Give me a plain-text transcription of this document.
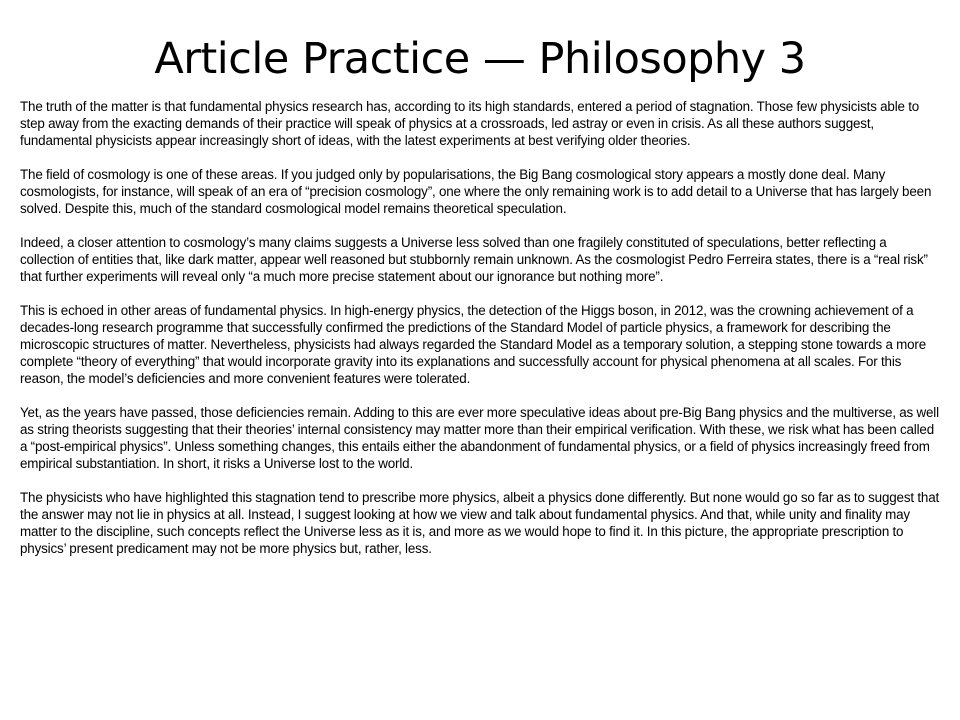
Article Practice — Philosophy 3

The truth of the matter is that fundamental physics research has, according to its high standards, entered a period of stagnation. Those few physicists able to step away from the exacting demands of their practice will speak of physics at a crossroads, led astray or even in crisis. As all these authors suggest, fundamental physicists appear increasingly short of ideas, with the latest experiments at best verifying older theories.

The field of cosmology is one of these areas. If you judged only by popularisations, the Big Bang cosmological story appears a mostly done deal. Many cosmologists, for instance, will speak of an era of “precision cosmology”, one where the only remaining work is to add detail to a Universe that has largely been solved. Despite this, much of the standard cosmological model remains theoretical speculation.

Indeed, a closer attention to cosmology’s many claims suggests a Universe less solved than one fragilely constituted of speculations, better reflecting a collection of entities that, like dark matter, appear well reasoned but stubbornly remain unknown. As the cosmologist Pedro Ferreira states, there is a “real risk” that further experiments will reveal only “a much more precise statement about our ignorance but nothing more”.

This is echoed in other areas of fundamental physics. In high-energy physics, the detection of the Higgs boson, in 2012, was the crowning achievement of a decades-long research programme that successfully confirmed the predictions of the Standard Model of particle physics, a framework for describing the microscopic structures of matter. Nevertheless, physicists had always regarded the Standard Model as a temporary solution, a stepping stone towards a more complete “theory of everything” that would incorporate gravity into its explanations and successfully account for physical phenomena at all scales. For this reason, the model’s deficiencies and more convenient features were tolerated.

Yet, as the years have passed, those deficiencies remain. Adding to this are ever more speculative ideas about pre-Big Bang physics and the multiverse, as well as string theorists suggesting that their theories’ internal consistency may matter more than their empirical verification. With these, we risk what has been called a “post-empirical physics”. Unless something changes, this entails either the abandonment of fundamental physics, or a field of physics increasingly freed from empirical substantiation. In short, it risks a Universe lost to the world.

The physicists who have highlighted this stagnation tend to prescribe more physics, albeit a physics done differently. But none would go so far as to suggest that the answer may not lie in physics at all. Instead, I suggest looking at how we view and talk about fundamental physics. And that, while unity and finality may matter to the discipline, such concepts reflect the Universe less as it is, and more as we would hope to find it. In this picture, the appropriate prescription to physics’ present predicament may not be more physics but, rather, less.
